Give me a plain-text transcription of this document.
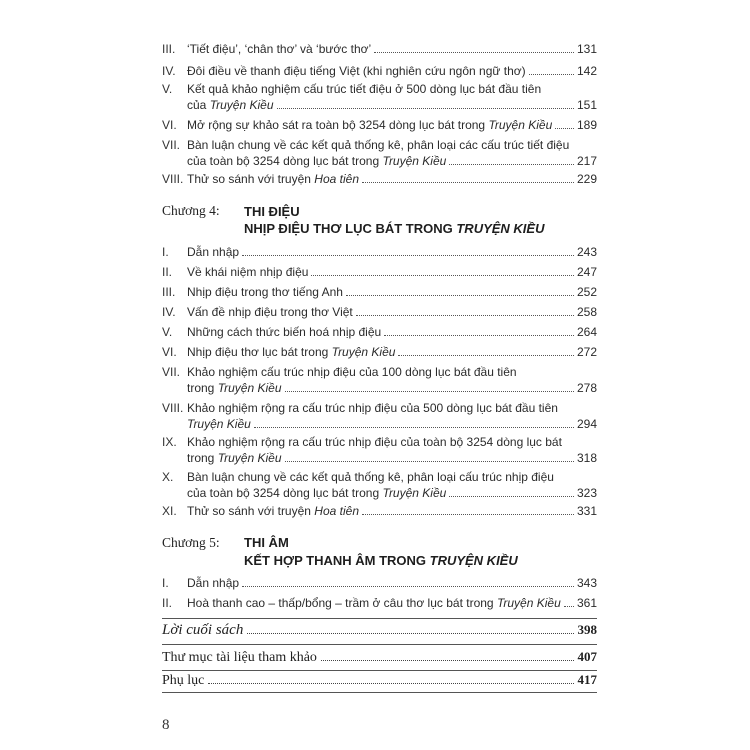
III. ‘Tiết điệu’, ‘chân thơ’ và ‘bước thơ’	131
IV. Đôi điều về thanh điệu tiếng Việt (khi nghiên cứu ngôn ngữ thơ)	142
V. Kết quả khảo nghiệm cấu trúc tiết điệu ở 500 dòng lục bát đầu tiên
của Truyện Kiều	151
VI. Mở rộng sự khảo sát ra toàn bộ 3254 dòng lục bát trong Truyện Kiều 189
VII. Bàn luận chung về các kết quả thống kê, phân loại các cấu trúc tiết điệu
của toàn bộ 3254 dòng lục bát trong Truyện Kiều	217
VIII. Thử so sánh với truyện Hoa tiên	229
Chương 4: THI ĐIỆU
NHỊP ĐIỆU THƠ LỤC BÁT TRONG TRUYỆN KIỀU
I. Dẫn nhập	243
II. Về khái niệm nhịp điệu	247
III. Nhịp điệu trong thơ tiếng Anh	252
IV. Vấn đề nhịp điệu trong thơ Việt	258
V. Những cách thức biến hoá nhịp điệu	264
VI. Nhịp điệu thơ lục bát trong Truyện Kiều	272
VII. Khảo nghiệm cấu trúc nhịp điệu của 100 dòng lục bát đầu tiên
trong Truyện Kiều	278
VIII. Khảo nghiệm rộng ra cấu trúc nhịp điệu của 500 dòng lục bát đầu tiên
Truyện Kiều	294
IX. Khảo nghiệm rộng ra cấu trúc nhịp điệu của toàn bộ 3254 dòng lục bát
trong Truyện Kiều	318
X. Bàn luận chung về các kết quả thống kê, phân loại cấu trúc nhịp điệu
của toàn bộ 3254 dòng lục bát trong Truyện Kiều	323
XI. Thử so sánh với truyện Hoa tiên	331
Chương 5: THI ÂM
KẾT HỢP THANH ÂM TRONG TRUYỆN KIỀU
I. Dẫn nhập	343
II. Hoà thanh cao – thấp/bổng – trầm ở câu thơ lục bát trong Truyện Kiều 361
Lời cuối sách	398
Thư mục tài liệu tham khảo	407
Phụ lục	417
8
